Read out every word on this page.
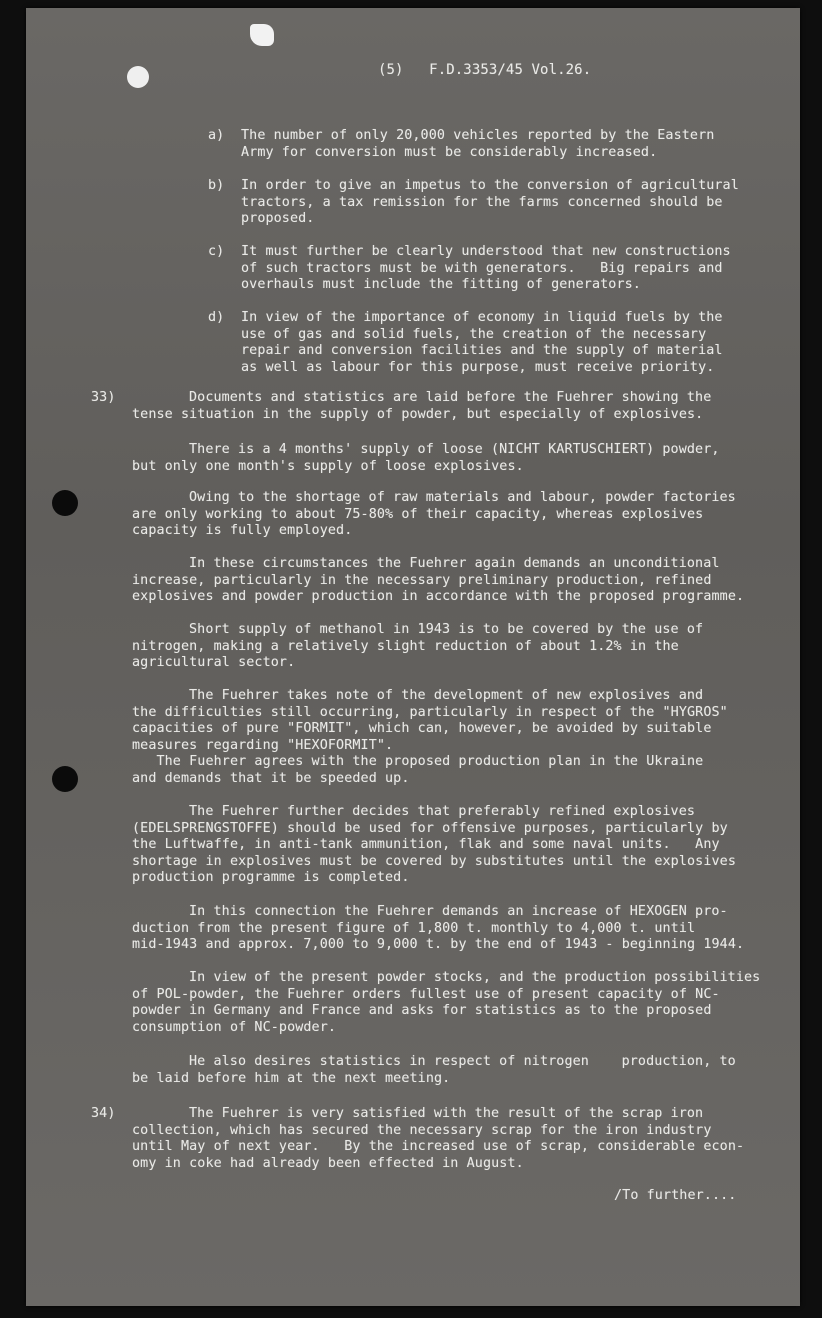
(5)   F.D.3353/45 Vol.26.
a) The number of only 20,000 vehicles reported by the Eastern
Army for conversion must be considerably increased.
b) In order to give an impetus to the conversion of agricultural
tractors, a tax remission for the farms concerned should be
proposed.
c) It must further be clearly understood that new constructions
of such tractors must be with generators.   Big repairs and
overhauls must include the fitting of generators.
d) In view of the importance of economy in liquid fuels by the
use of gas and solid fuels, the creation of the necessary
repair and conversion facilities and the supply of material
as well as labour for this purpose, must receive priority.
33)	Documents and statistics are laid before the Fuehrer showing the
tense situation in the supply of powder, but especially of explosives.
There is a 4 months' supply of loose (NICHT KARTUSCHIERT) powder,
but only one month's supply of loose explosives.
Owing to the shortage of raw materials and labour, powder factories
are only working to about 75-80% of their capacity, whereas explosives
capacity is fully employed.
In these circumstances the Fuehrer again demands an unconditional
increase, particularly in the necessary preliminary production, refined
explosives and powder production in accordance with the proposed programme.
Short supply of methanol in 1943 is to be covered by the use of
nitrogen, making a relatively slight reduction of about 1.2% in the
agricultural sector.
The Fuehrer takes note of the development of new explosives and
the difficulties still occurring, particularly in respect of the "HYGROS"
capacities of pure "FORMIT", which can, however, be avoided by suitable
measures regarding "HEXOFORMIT".
The Fuehrer agrees with the proposed production plan in the Ukraine
and demands that it be speeded up.
The Fuehrer further decides that preferably refined explosives
(EDELSPRENGSTOFFE) should be used for offensive purposes, particularly by
the Luftwaffe, in anti-tank ammunition, flak and some naval units.   Any
shortage in explosives must be covered by substitutes until the explosives
production programme is completed.
In this connection the Fuehrer demands an increase of HEXOGEN pro-
duction from the present figure of 1,800 t. monthly to 4,000 t. until
mid-1943 and approx. 7,000 to 9,000 t. by the end of 1943 - beginning 1944.
In view of the present powder stocks, and the production possibilities
of POL-powder, the Fuehrer orders fullest use of present capacity of NC-
powder in Germany and France and asks for statistics as to the proposed
consumption of NC-powder.
He also desires statistics in respect of nitrogen    production, to
be laid before him at the next meeting.
34)	The Fuehrer is very satisfied with the result of the scrap iron
collection, which has secured the necessary scrap for the iron industry
until May of next year.   By the increased use of scrap, considerable econ-
omy in coke had already been effected in August.
/To further....
